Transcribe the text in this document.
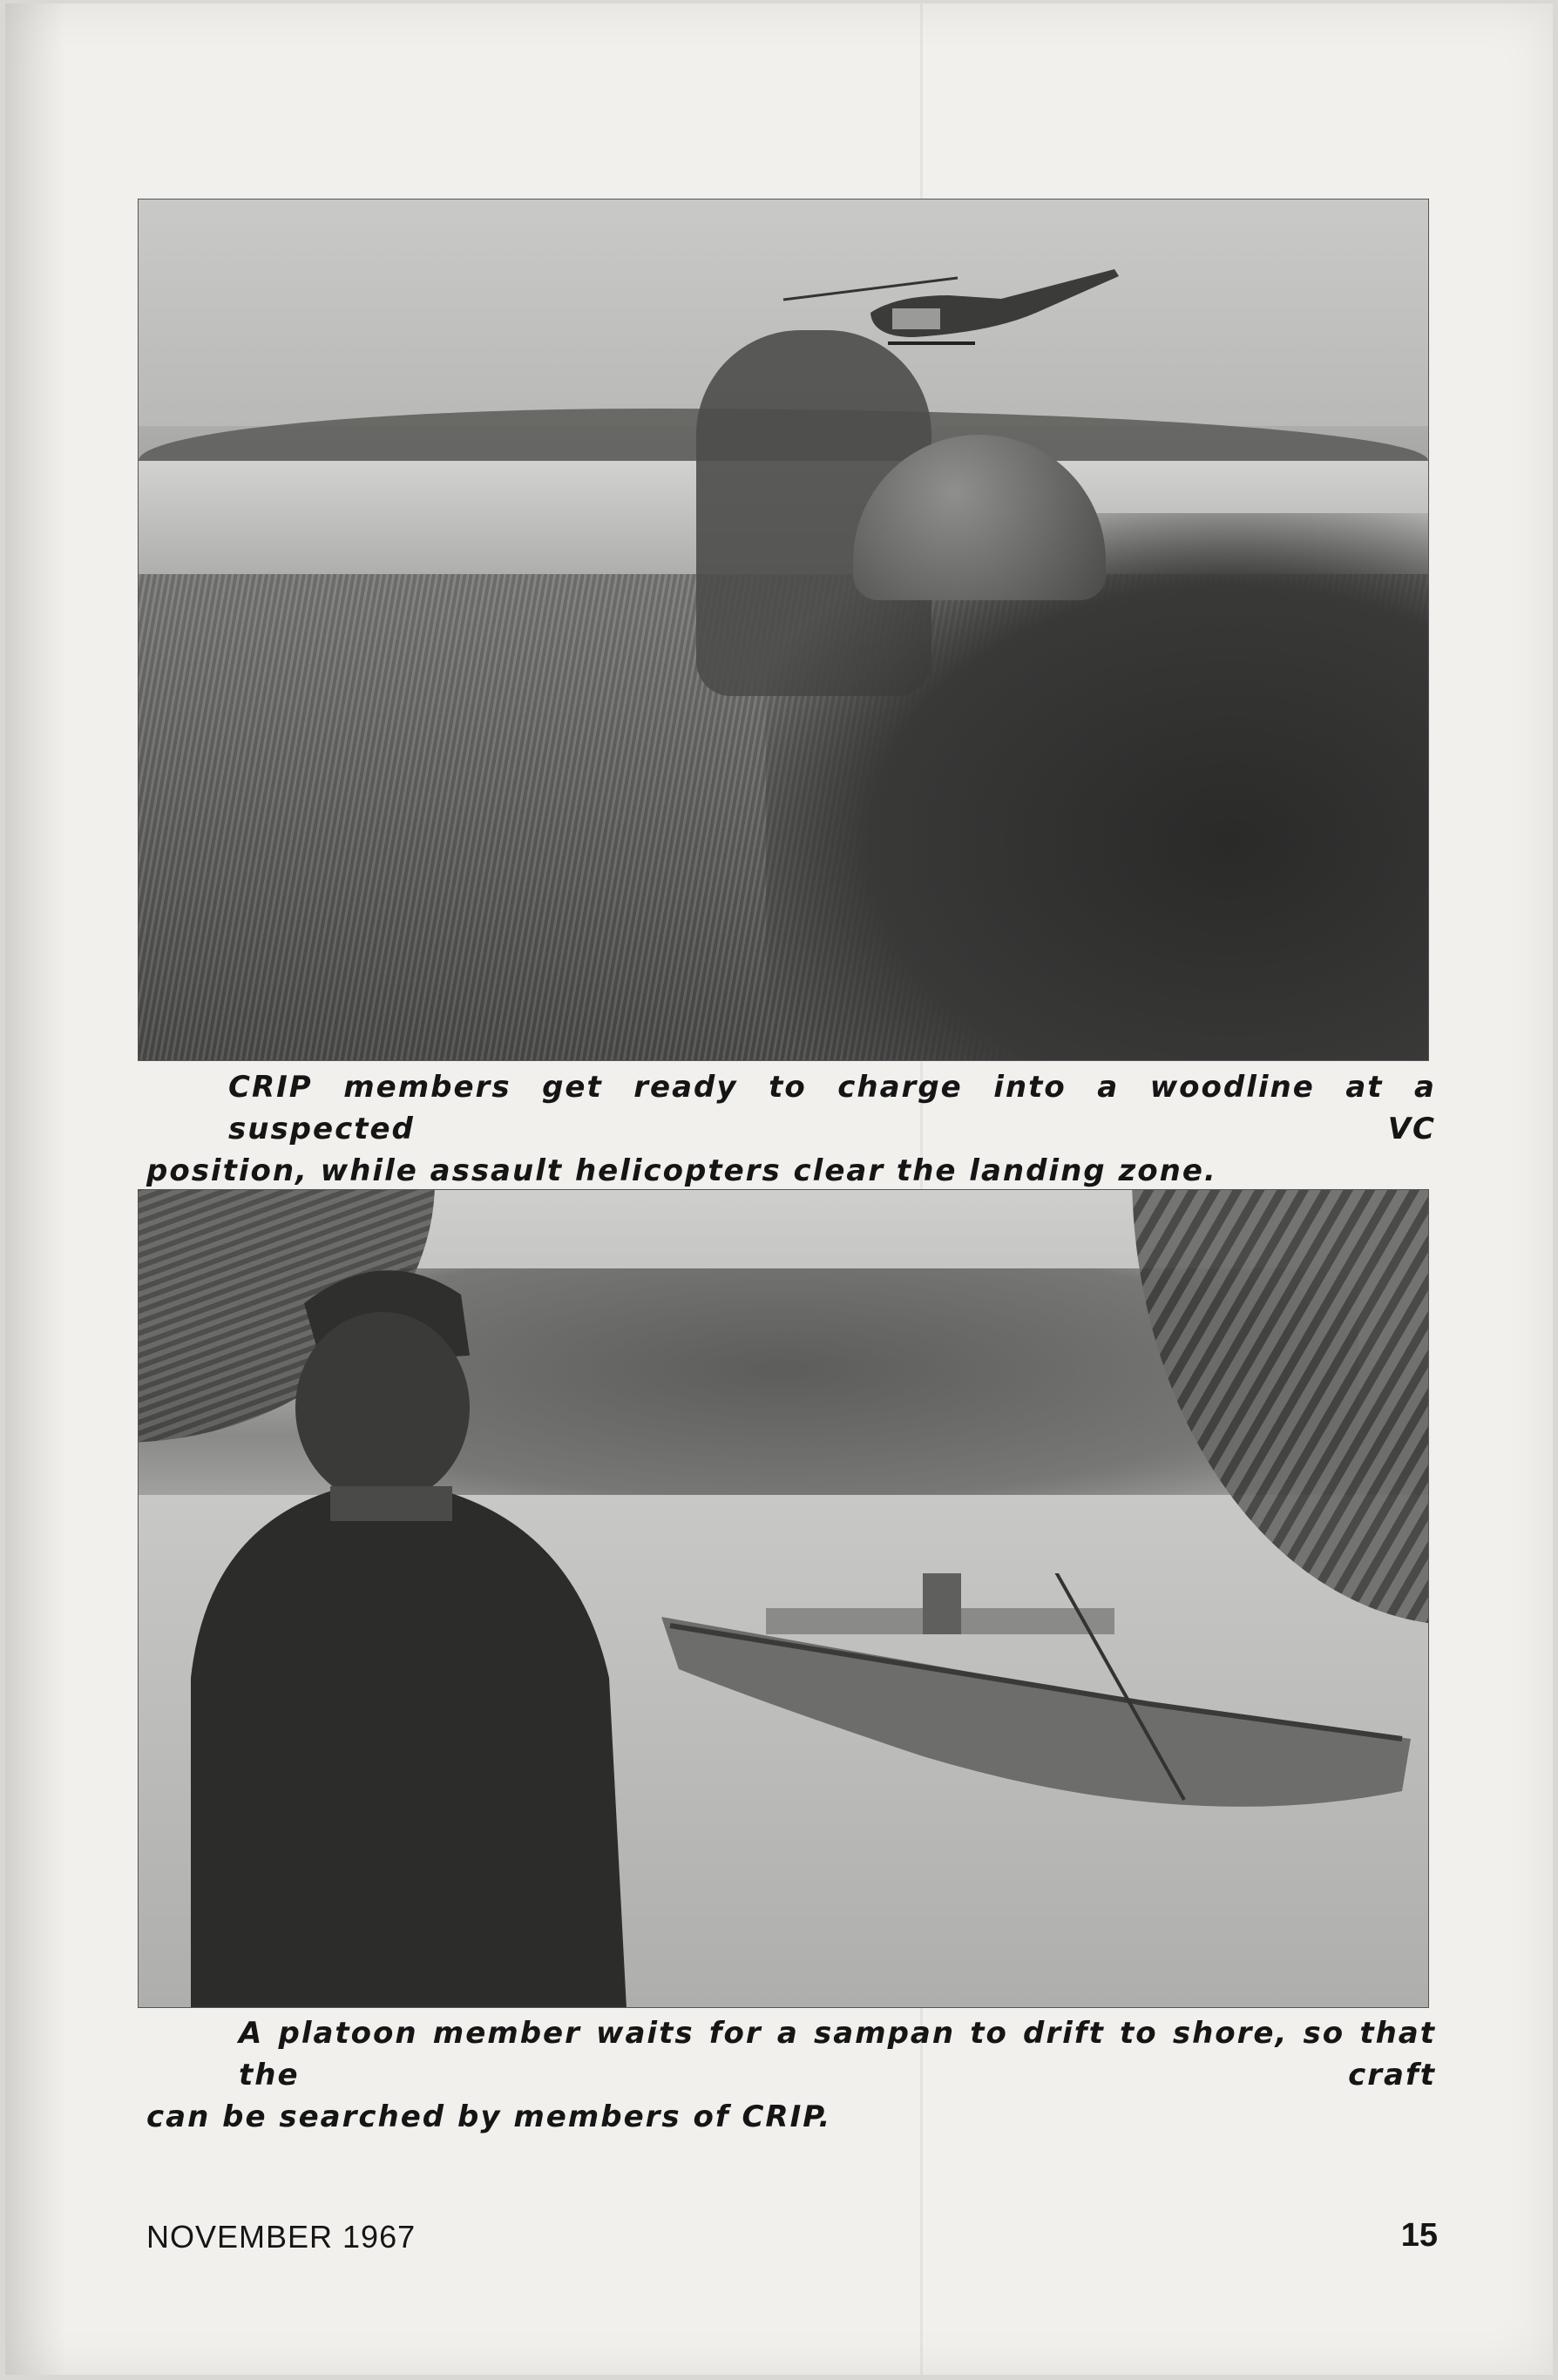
CRIP members get ready to charge into a woodline at a suspected VC
position, while assault helicopters clear the landing zone.
A platoon member waits for a sampan to drift to shore, so that the craft
can be searched by members of CRIP.
NOVEMBER 1967	15
